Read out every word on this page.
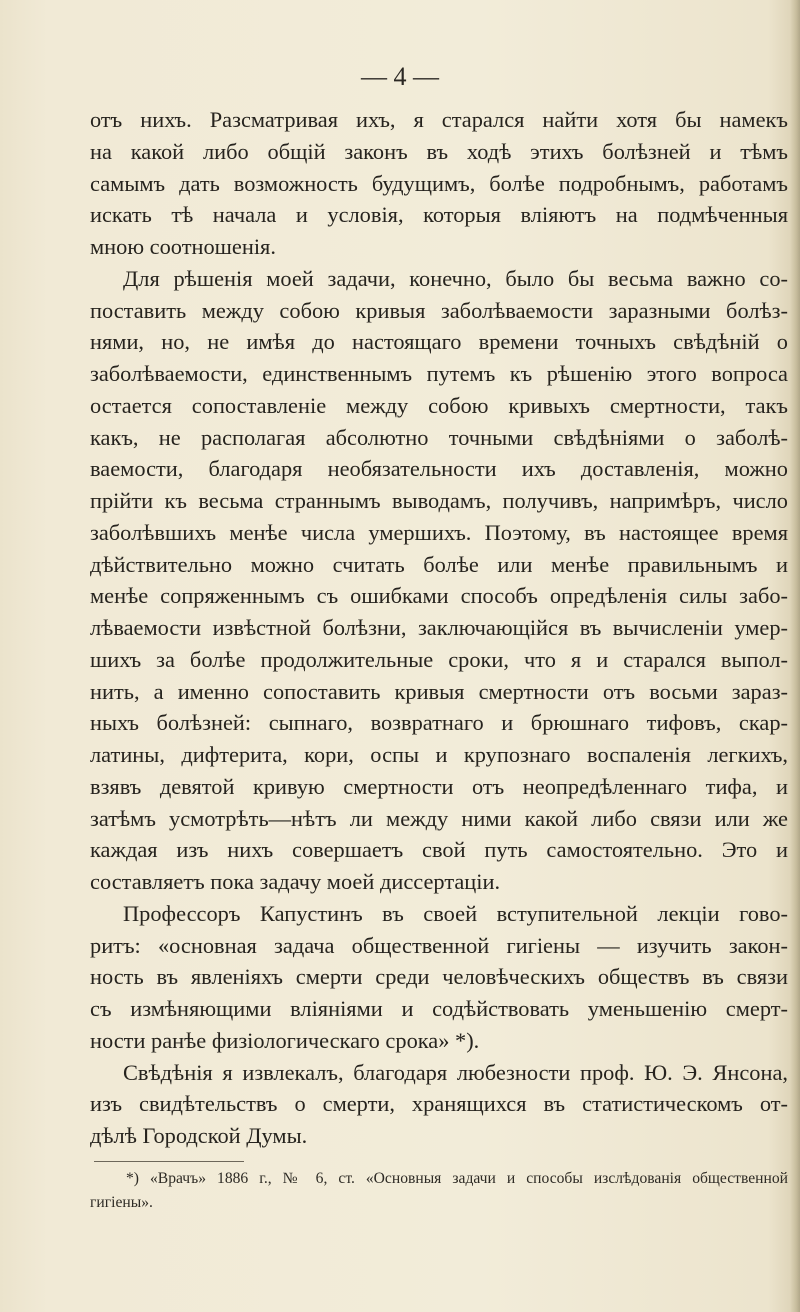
— 4 —
отъ нихъ. Разсматривая ихъ, я старался найти хотя бы намекъ
на какой либо общій законъ въ ходѣ этихъ болѣзней и тѣмъ
самымъ дать возможность будущимъ, болѣе подробнымъ, работамъ
искать тѣ начала и условія, которыя вліяютъ на подмѣченныя
мною соотношенія.
Для рѣшенія моей задачи, конечно, было бы весьма важно со-
поставить между собою кривыя заболѣваемости заразными болѣз-
нями, но, не имѣя до настоящаго времени точныхъ свѣдѣній о
заболѣваемости, единственнымъ путемъ къ рѣшенію этого вопроса
остается сопоставленіе между собою кривыхъ смертности, такъ
какъ, не располагая абсолютно точными свѣдѣніями о заболѣ-
ваемости, благодаря необязательности ихъ доставленія, можно
прійти къ весьма страннымъ выводамъ, получивъ, напримѣръ, число
заболѣвшихъ менѣе числа умершихъ. Поэтому, въ настоящее время
дѣйствительно можно считать болѣе или менѣе правильнымъ и
менѣе сопряженнымъ съ ошибками способъ опредѣленія силы забо-
лѣваемости извѣстной болѣзни, заключающійся въ вычисленіи умер-
шихъ за болѣе продолжительные сроки, что я и старался выпол-
нить, а именно сопоставить кривыя смертности отъ восьми зараз-
ныхъ болѣзней: сыпнаго, возвратнаго и брюшнаго тифовъ, скар-
латины, дифтерита, кори, оспы и крупознаго воспаленія легкихъ,
взявъ девятой кривую смертности отъ неопредѣленнаго тифа, и
затѣмъ усмотрѣть—нѣтъ ли между ними какой либо связи или же
каждая изъ нихъ совершаетъ свой путь самостоятельно. Это и
составляетъ пока задачу моей диссертаціи.
Профессоръ Капустинъ въ своей вступительной лекціи гово-
ритъ: «основная задача общественной гигіены — изучить закон-
ность въ явленіяхъ смерти среди человѣческихъ обществъ въ связи
съ измѣняющими вліяніями и содѣйствовать уменьшенію смерт-
ности ранѣе физіологическаго срока» *).
Свѣдѣнія я извлекалъ, благодаря любезности проф. Ю. Э. Янсона,
изъ свидѣтельствъ о смерти, хранящихся въ статистическомъ от-
дѣлѣ Городской Думы.
*) «Врачъ» 1886 г., № 6, ст. «Основныя задачи и способы изслѣдованія общественной
гигіены».
